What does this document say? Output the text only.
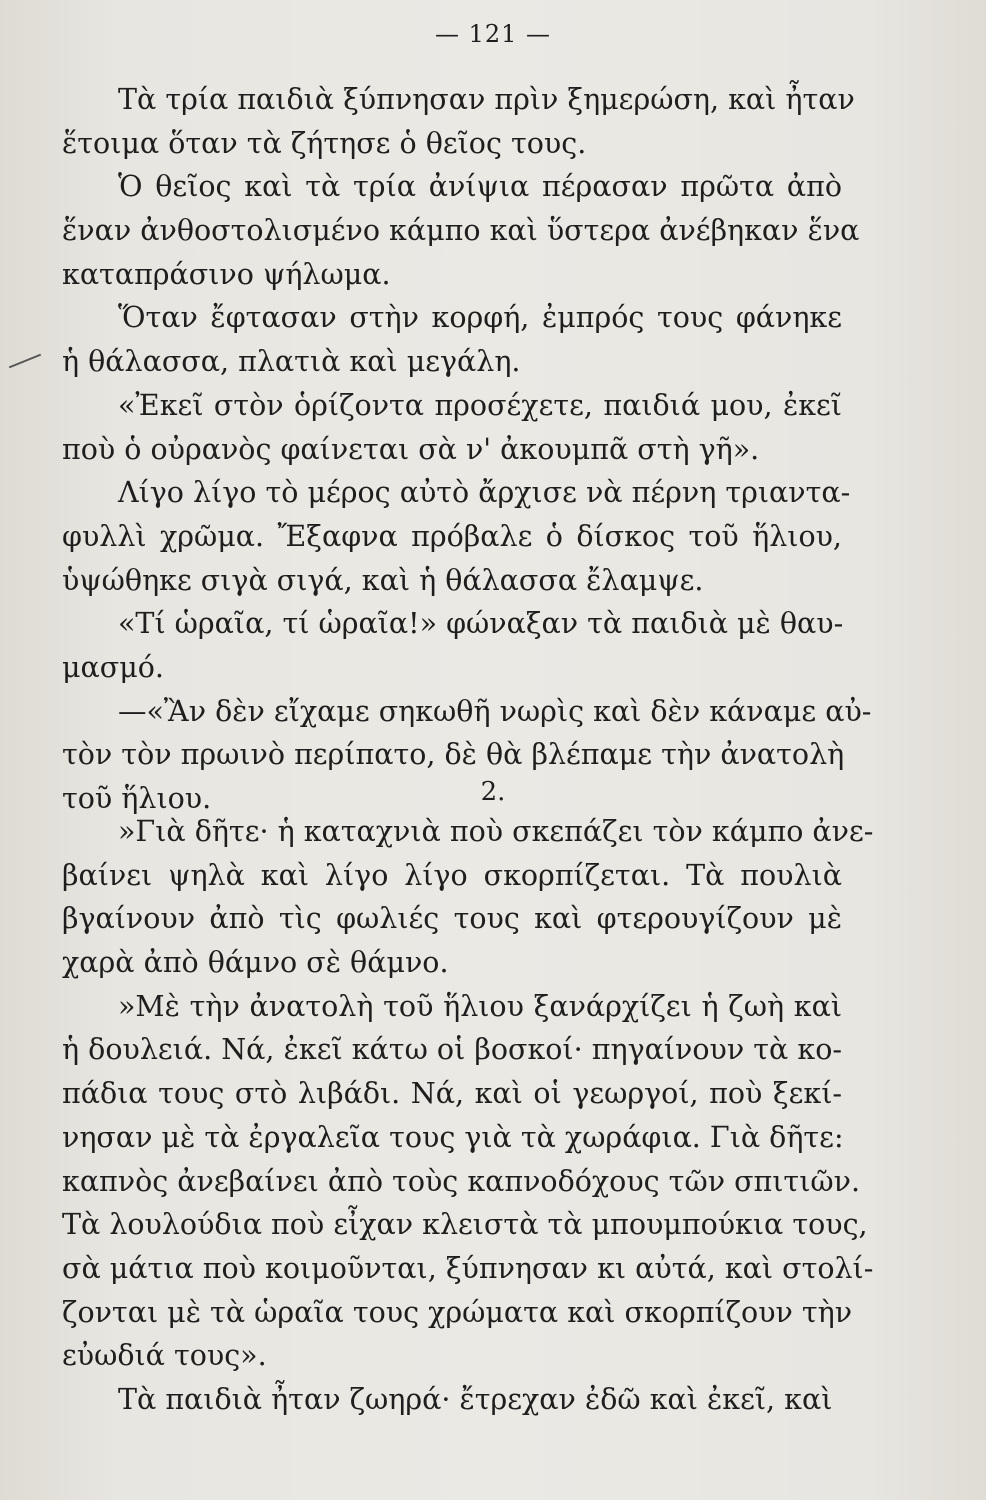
— 121 —
Τὰ τρία παιδιὰ ξύπνησαν πρὶν ξημερώση, καὶ ἦταν
ἕτοιμα ὅταν τὰ ζήτησε ὁ θεῖος τους.
Ὁ θεῖος καὶ τὰ τρία ἀνίψια πέρασαν πρῶτα ἀπὸ
ἕναν ἀνθοστολισμένο κάμπο καὶ ὕστερα ἀνέβηκαν ἕνα
καταπράσινο ψήλωμα.
Ὅταν ἔφτασαν στὴν κορφή, ἐμπρός τους φάνηκε
ἡ θάλασσα, πλατιὰ καὶ μεγάλη.
«Ἐκεῖ στὸν ὁρίζοντα προσέχετε, παιδιά μου, ἐκεῖ
ποὺ ὁ οὐρανὸς φαίνεται σὰ ν' ἀκουμπᾶ στὴ γῆ».
Λίγο λίγο τὸ μέρος αὐτὸ ἄρχισε νὰ πέρνη τριαντα-
φυλλὶ χρῶμα. Ἔξαφνα πρόβαλε ὁ δίσκος τοῦ ἥλιου,
ὑψώθηκε σιγὰ σιγά, καὶ ἡ θάλασσα ἔλαμψε.
«Τί ὡραῖα, τί ὡραῖα!» φώναξαν τὰ παιδιὰ μὲ θαυ-
μασμό.
—«Ἂν δὲν εἴχαμε σηκωθῆ νωρὶς καὶ δὲν κάναμε αὐ-
τὸν τὸν πρωινὸ περίπατο, δὲ θὰ βλέπαμε τὴν ἀνατολὴ
τοῦ ἥλιου.	2.
»Γιὰ δῆτε· ἡ καταχνιὰ ποὺ σκεπάζει τὸν κάμπο ἀνε-
βαίνει ψηλὰ καὶ λίγο λίγο σκορπίζεται. Τὰ πουλιὰ
βγαίνουν ἀπὸ τὶς φωλιές τους καὶ φτερουγίζουν μὲ
χαρὰ ἀπὸ θάμνο σὲ θάμνο.
»Μὲ τὴν ἀνατολὴ τοῦ ἥλιου ξανάρχίζει ἡ ζωὴ καὶ
ἡ δουλειά. Νά, ἐκεῖ κάτω οἱ βοσκοί· πηγαίνουν τὰ κο-
πάδια τους στὸ λιβάδι. Νά, καὶ οἱ γεωργοί, ποὺ ξεκί-
νησαν μὲ τὰ ἐργαλεῖα τους γιὰ τὰ χωράφια. Γιὰ δῆτε:
καπνὸς ἀνεβαίνει ἀπὸ τοὺς καπνοδόχους τῶν σπιτιῶν.
Τὰ λουλούδια ποὺ εἶχαν κλειστὰ τὰ μπουμπούκια τους,
σὰ μάτια ποὺ κοιμοῦνται, ξύπνησαν κι αὐτά, καὶ στολί-
ζονται μὲ τὰ ὡραῖα τους χρώματα καὶ σκορπίζουν τὴν
εὐωδιά τους».
Τὰ παιδιὰ ἦταν ζωηρά· ἔτρεχαν ἐδῶ καὶ ἐκεῖ, καὶ
